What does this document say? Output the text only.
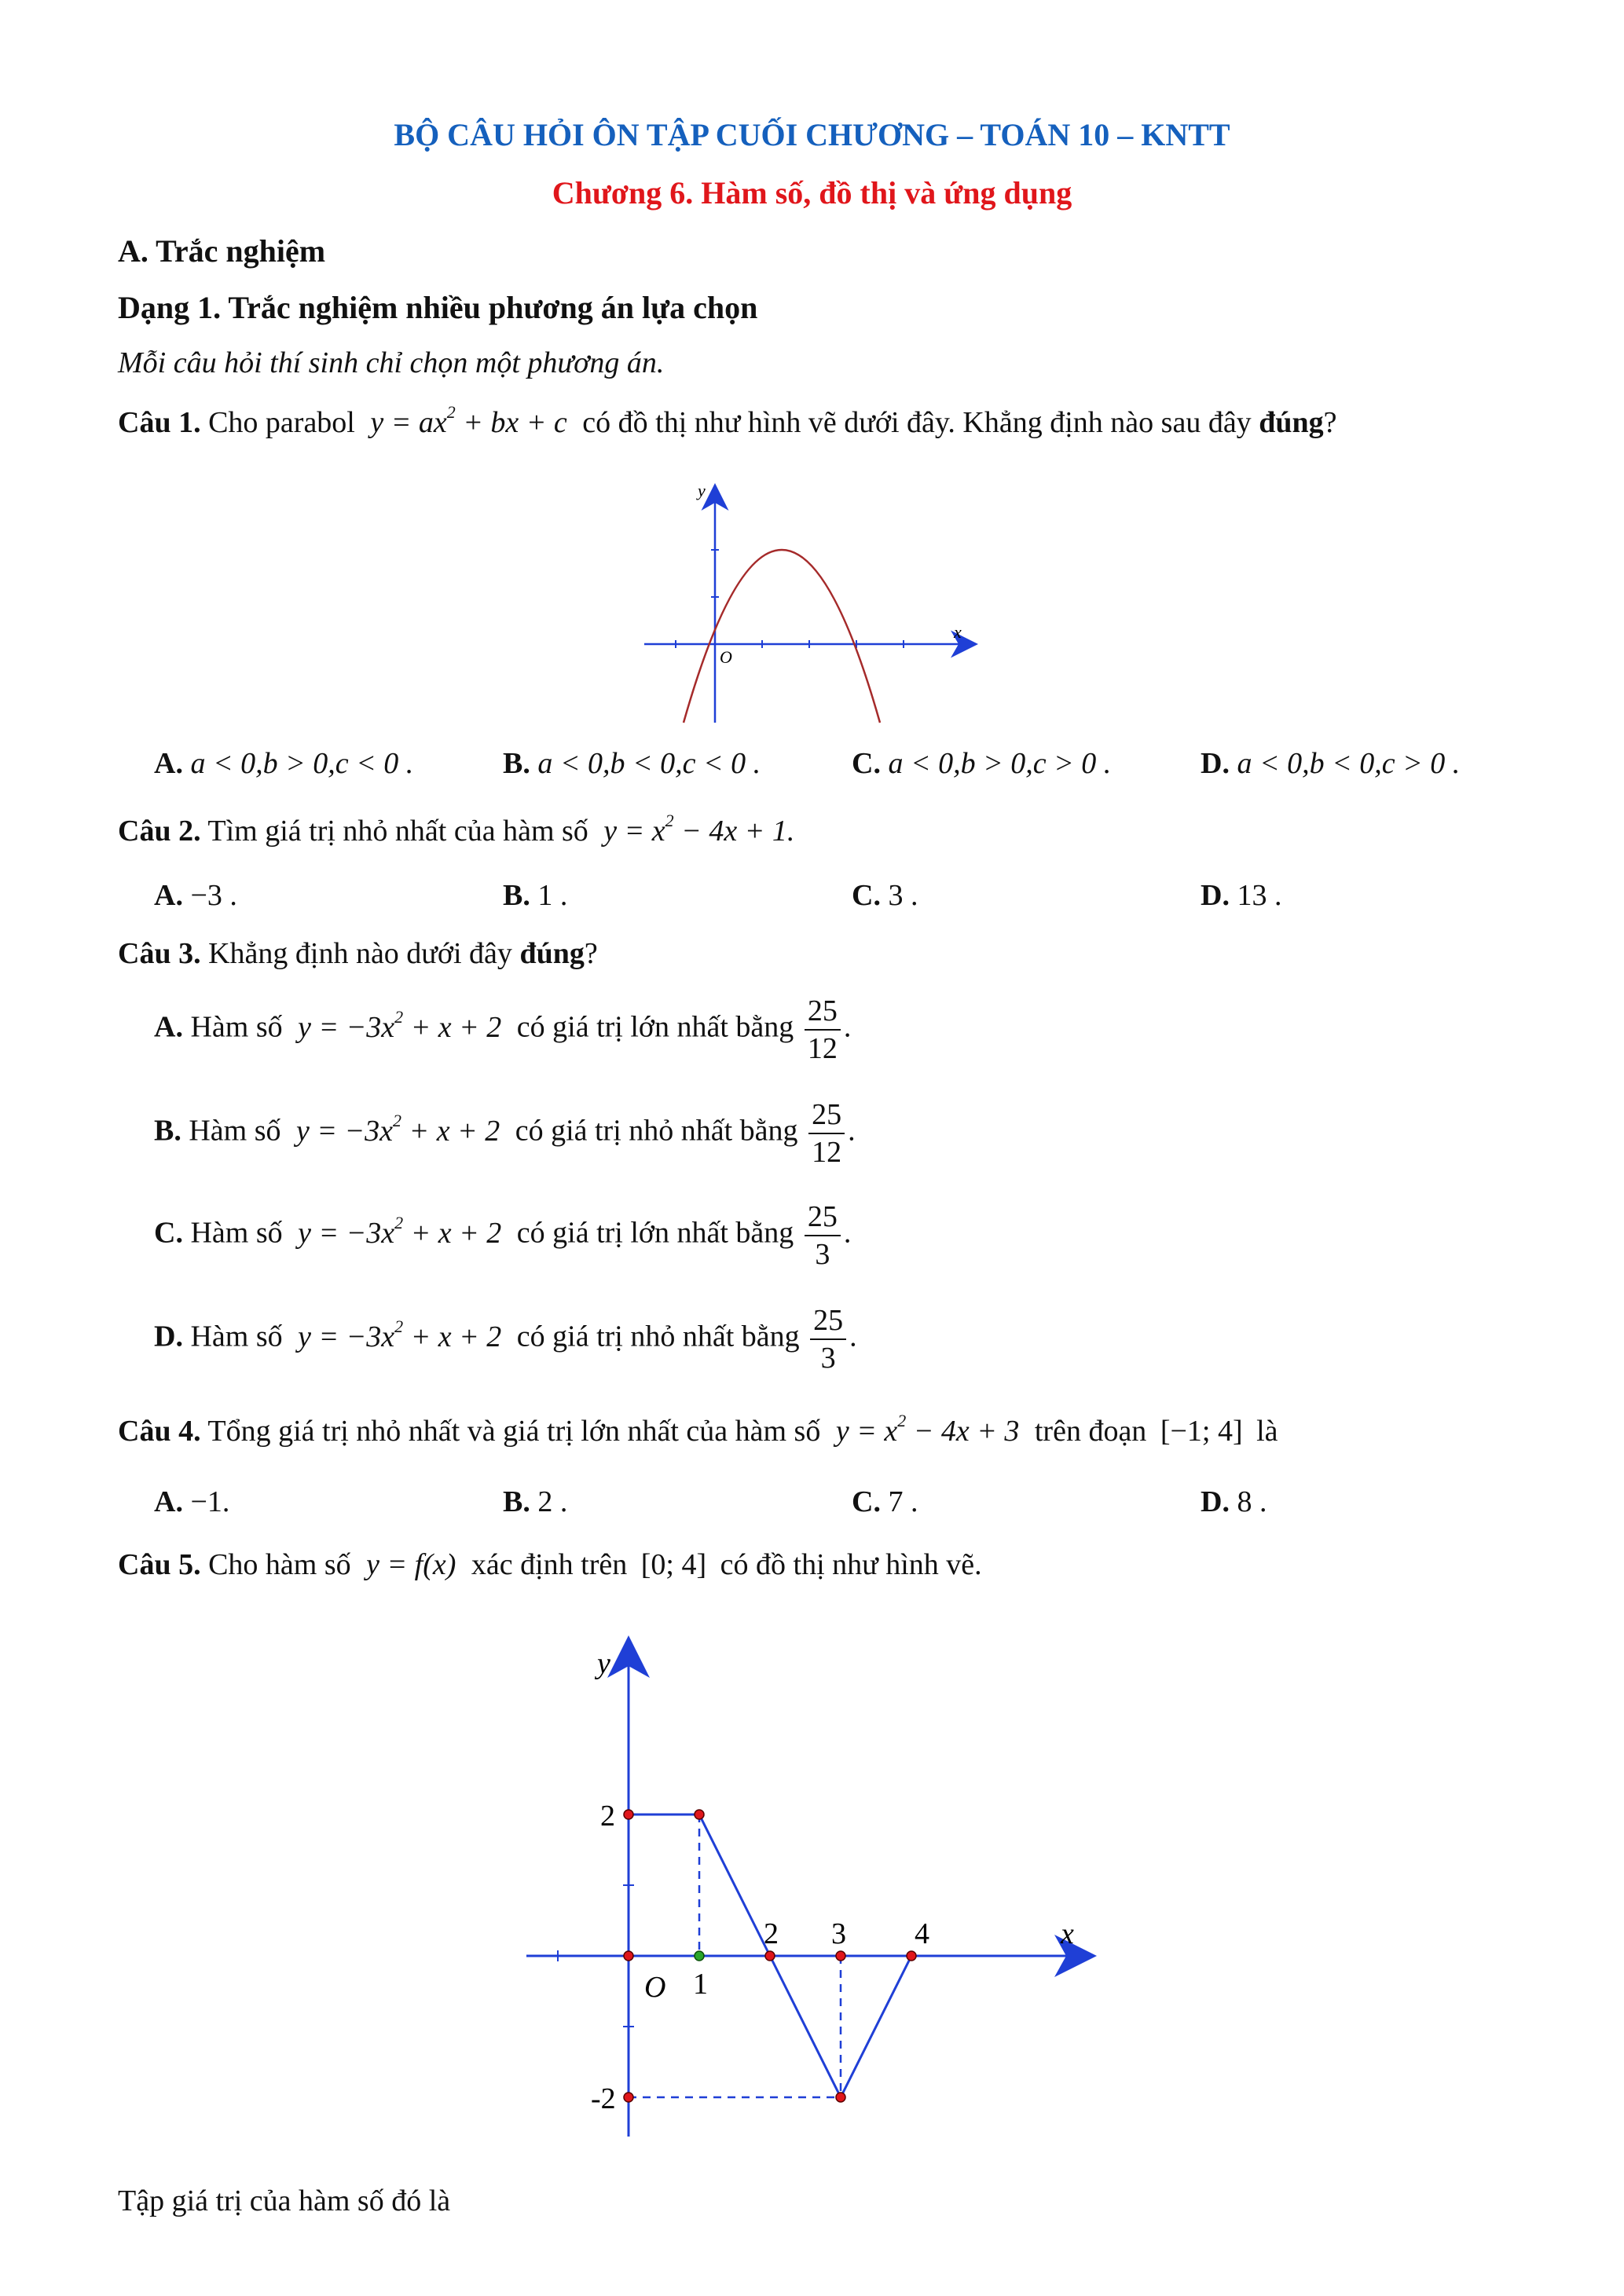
BỘ CÂU HỎI ÔN TẬP CUỐI CHƯƠNG – TOÁN 10 – KNTT
Chương 6. Hàm số, đồ thị và ứng dụng
A. Trắc nghiệm
Dạng 1. Trắc nghiệm nhiều phương án lựa chọn
Mỗi câu hỏi thí sinh chỉ chọn một phương án.
Câu 1. Cho parabol $y = ax^2$ + bx + c có đồ thị như hình vẽ dưới đây. Khẳng định nào sau đây đúng?
y
x
O
A. a < 0,b > 0,c < 0 .	B. a < 0,b < 0,c < 0 .	C. a < 0,b > 0,c > 0 .	D. a < 0,b < 0,c > 0 .
Câu 2. Tìm giá trị nhỏ nhất của hàm số $y = x^2 - 4x + 1$.
A. −3 .	B. 1 .	C. 3 .	D. 13 .
Câu 3. Khẳng định nào dưới đây đúng?
A. Hàm số $y = -3x^2 + x + 2$ có giá trị lớn nhất bằng $\frac{25}{12}$ .
B. Hàm số $y = -3x^2 + x + 2$ có giá trị nhỏ nhất bằng $\frac{25}{12}$ .
C. Hàm số $y = -3x^2 + x + 2$ có giá trị lớn nhất bằng $\frac{25}{3}$ .
D. Hàm số $y = -3x^2 + x + 2$ có giá trị nhỏ nhất bằng $\frac{25}{3}$ .
Câu 4. Tổng giá trị nhỏ nhất và giá trị lớn nhất của hàm số $y = x^2 - 4x + 3$ trên đoạn [−1; 4] là
A. −1.	B. 2 .	C. 7 .	D. 8 .
Câu 5. Cho hàm số y = f(x) xác định trên [0; 4] có đồ thị như hình vẽ.
y
x
O 1
2 3 4
2
-2
Tập giá trị của hàm số đó là
